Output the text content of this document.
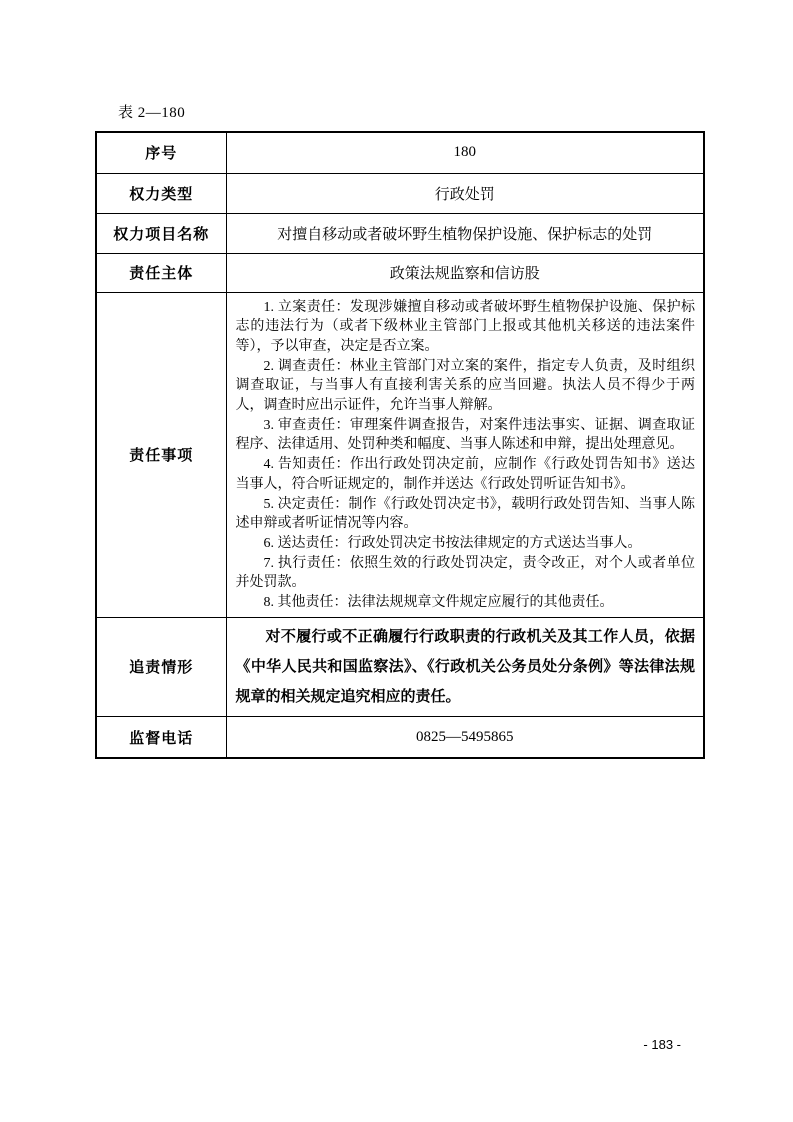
表 2—180
序号	180
权力类型	行政处罚
权力项目名称	对擅自移动或者破坏野生植物保护设施、保护标志的处罚
责任主体	政策法规监察和信访股
责任事项	

1. 立案责任：发现涉嫌擅自移动或者破坏野生植物保护设施、保护标志的违法行为（或者下级林业主管部门上报或其他机关移送的违法案件等），予以审查，决定是否立案。

2. 调查责任：林业主管部门对立案的案件，指定专人负责，及时组织调查取证，与当事人有直接利害关系的应当回避。执法人员不得少于两人，调查时应出示证件，允许当事人辩解。

3. 审查责任：审理案件调查报告，对案件违法事实、证据、调查取证程序、法律适用、处罚种类和幅度、当事人陈述和申辩，提出处理意见。

4. 告知责任：作出行政处罚决定前，应制作《行政处罚告知书》送达当事人，符合听证规定的，制作并送达《行政处罚听证告知书》。

5. 决定责任：制作《行政处罚决定书》，载明行政处罚告知、当事人陈述申辩或者听证情况等内容。

6. 送达责任：行政处罚决定书按法律规定的方式送达当事人。

7. 执行责任：依照生效的行政处罚决定，责令改正，对个人或者单位并处罚款。

8. 其他责任：法律法规规章文件规定应履行的其他责任。

追责情形	对不履行或不正确履行行政职责的行政机关及其工作人员，依据《中华人民共和国监察法》、《行政机关公务员处分条例》等法律法规规章的相关规定追究相应的责任。

监督电话	0825—5495865
- 183 -
